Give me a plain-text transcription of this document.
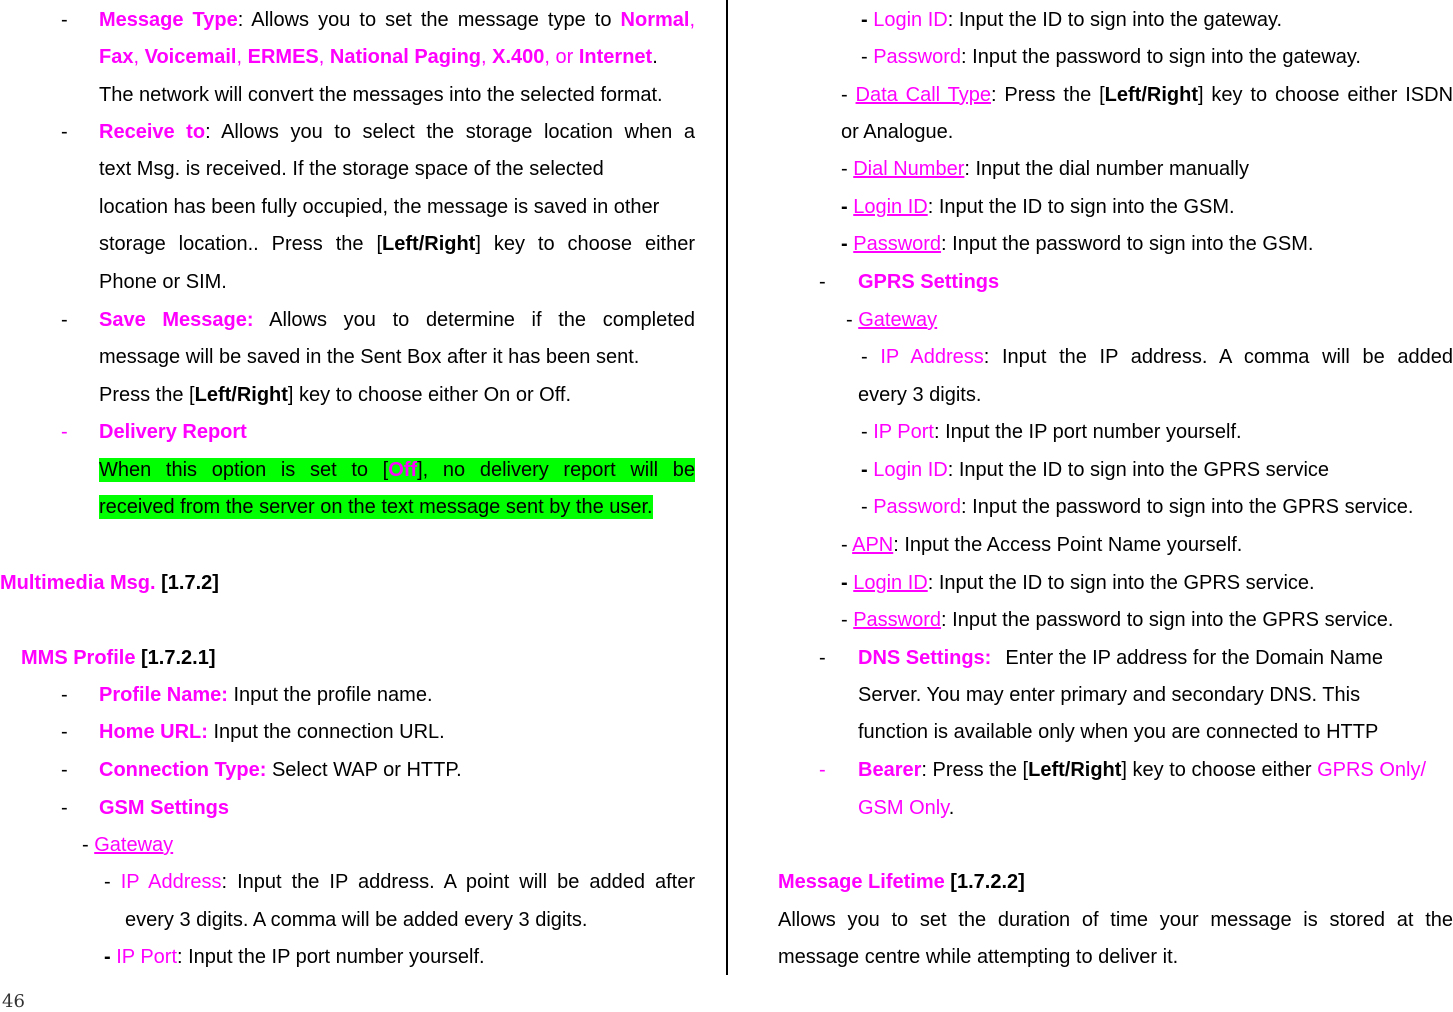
- Message Type: Allows you to set the message type to Normal,
Fax, Voicemail, ERMES, National Paging, X.400, or Internet.
The network will convert the messages into the selected format.
- Receive to: Allows you to select the storage location when a
text Msg. is received. If the storage space of the selected
location has been fully occupied, the message is saved in other
storage location.. Press the [Left/Right] key to choose either
Phone or SIM.
- Save Message: Allows you to determine if the completed
message will be saved in the Sent Box after it has been sent.
Press the [Left/Right] key to choose either On or Off.
- Delivery Report
When this option is set to [Off], no delivery report will be
received from the server on the text message sent by the user.
Multimedia Msg. [1.7.2]
MMS Profile [1.7.2.1]
- Profile Name: Input the profile name.
- Home URL: Input the connection URL.
- Connection Type: Select WAP or HTTP.
- GSM Settings
- Gateway
- IP Address: Input the IP address. A point will be added after
every 3 digits. A comma will be added every 3 digits.
- IP Port: Input the IP port number yourself.
- Login ID: Input the ID to sign into the gateway.
- Password: Input the password to sign into the gateway.
- Data Call Type: Press the [Left/Right] key to choose either ISDN
or Analogue.
- Dial Number: Input the dial number manually
- Login ID: Input the ID to sign into the GSM.
- Password: Input the password to sign into the GSM.
- GPRS Settings
- Gateway
- IP Address: Input the IP address. A comma will be added
every 3 digits.
- IP Port: Input the IP port number yourself.
- Login ID: Input the ID to sign into the GPRS service
- Password: Input the password to sign into the GPRS service.
- APN: Input the Access Point Name yourself.
- Login ID: Input the ID to sign into the GPRS service.
- Password: Input the password to sign into the GPRS service.
- DNS Settings: Enter the IP address for the Domain Name
Server. You may enter primary and secondary DNS. This
function is available only when you are connected to HTTP
- Bearer: Press the [Left/Right] key to choose either GPRS Only/
GSM Only.
Message Lifetime [1.7.2.2]
Allows you to set the duration of time your message is stored at the
message centre while attempting to deliver it.
46
